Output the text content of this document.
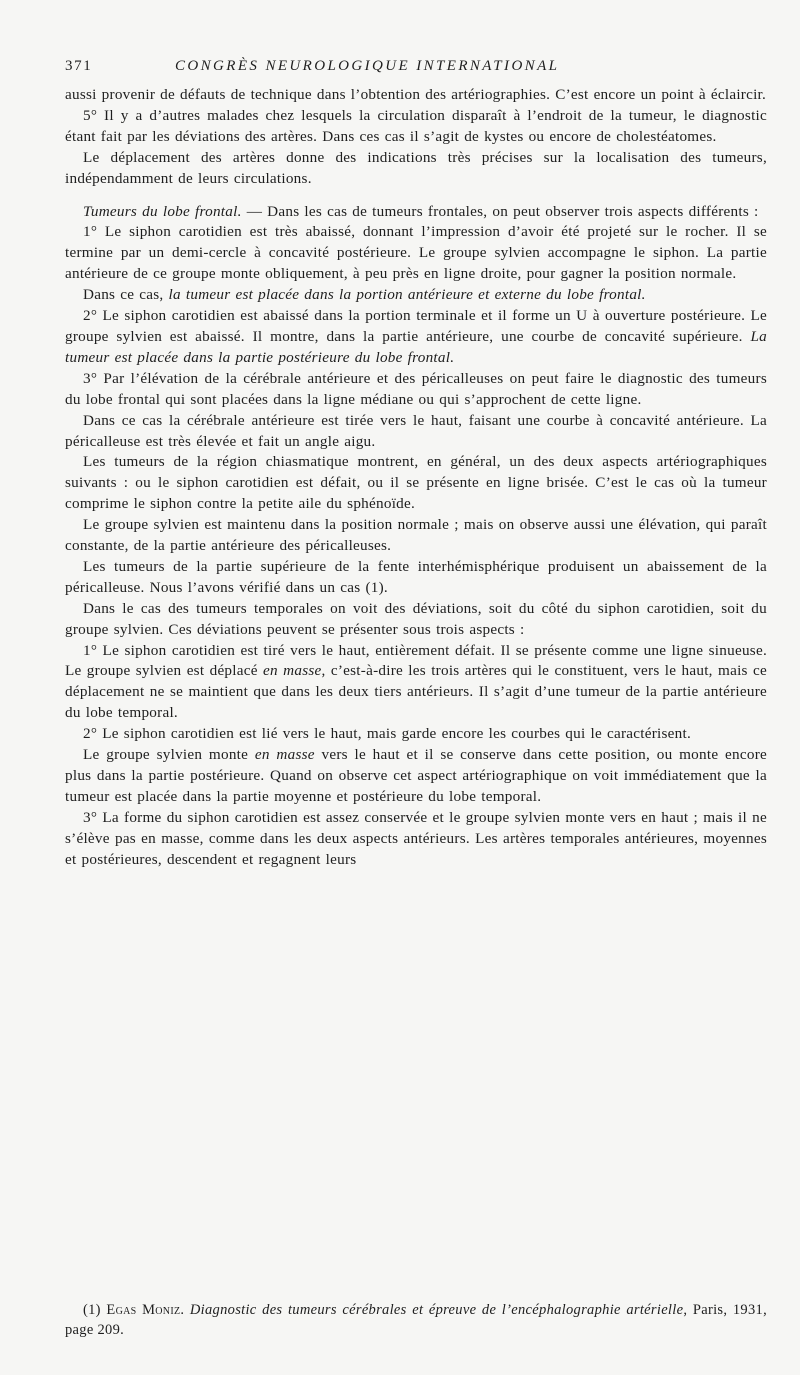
371	CONGRÈS NEUROLOGIQUE INTERNATIONAL

aussi provenir de défauts de technique dans l’obtention des artériographies. C’est encore un point à éclaircir.

5° Il y a d’autres malades chez lesquels la circulation disparaît à l’endroit de la tumeur, le diagnostic étant fait par les déviations des artères. Dans ces cas il s’agit de kystes ou encore de cholestéatomes.

Le déplacement des artères donne des indications très précises sur la localisation des tumeurs, indépendamment de leurs circulations.

Tumeurs du lobe frontal. — Dans les cas de tumeurs frontales, on peut observer trois aspects différents :

1° Le siphon carotidien est très abaissé, donnant l’impression d’avoir été projeté sur le rocher. Il se termine par un demi-cercle à concavité postérieure. Le groupe sylvien accompagne le siphon. La partie antérieure de ce groupe monte obliquement, à peu près en ligne droite, pour gagner la position normale.

Dans ce cas, la tumeur est placée dans la portion antérieure et externe du lobe frontal.

2° Le siphon carotidien est abaissé dans la portion terminale et il forme un U à ouverture postérieure. Le groupe sylvien est abaissé. Il montre, dans la partie antérieure, une courbe de concavité supérieure. La tumeur est placée dans la partie postérieure du lobe frontal.

3° Par l’élévation de la cérébrale antérieure et des péricalleuses on peut faire le diagnostic des tumeurs du lobe frontal qui sont placées dans la ligne médiane ou qui s’approchent de cette ligne.

Dans ce cas la cérébrale antérieure est tirée vers le haut, faisant une courbe à concavité antérieure. La péricalleuse est très élevée et fait un angle aigu.

Les tumeurs de la région chiasmatique montrent, en général, un des deux aspects artériographiques suivants : ou le siphon carotidien est défait, ou il se présente en ligne brisée. C’est le cas où la tumeur comprime le siphon contre la petite aile du sphénoïde.

Le groupe sylvien est maintenu dans la position normale ; mais on observe aussi une élévation, qui paraît constante, de la partie antérieure des péricalleuses.

Les tumeurs de la partie supérieure de la fente interhémisphérique produisent un abaissement de la péricalleuse. Nous l’avons vérifié dans un cas (1).

Dans le cas des tumeurs temporales on voit des déviations, soit du côté du siphon carotidien, soit du groupe sylvien. Ces déviations peuvent se présenter sous trois aspects :

1° Le siphon carotidien est tiré vers le haut, entièrement défait. Il se présente comme une ligne sinueuse. Le groupe sylvien est déplacé en masse, c’est-à-dire les trois artères qui le constituent, vers le haut, mais ce déplacement ne se maintient que dans les deux tiers antérieurs. Il s’agit d’une tumeur de la partie antérieure du lobe temporal.

2° Le siphon carotidien est lié vers le haut, mais garde encore les courbes qui le caractérisent.

Le groupe sylvien monte en masse vers le haut et il se conserve dans cette position, ou monte encore plus dans la partie postérieure. Quand on observe cet aspect artériographique on voit immédiatement que la tumeur est placée dans la partie moyenne et postérieure du lobe temporal.

3° La forme du siphon carotidien est assez conservée et le groupe sylvien monte vers en haut ; mais il ne s’élève pas en masse, comme dans les deux aspects antérieurs. Les artères temporales antérieures, moyennes et postérieures, descendent et regagnent leurs

(1) Egas Moniz. Diagnostic des tumeurs cérébrales et épreuve de l’encéphalographie artérielle, Paris, 1931, page 209.
